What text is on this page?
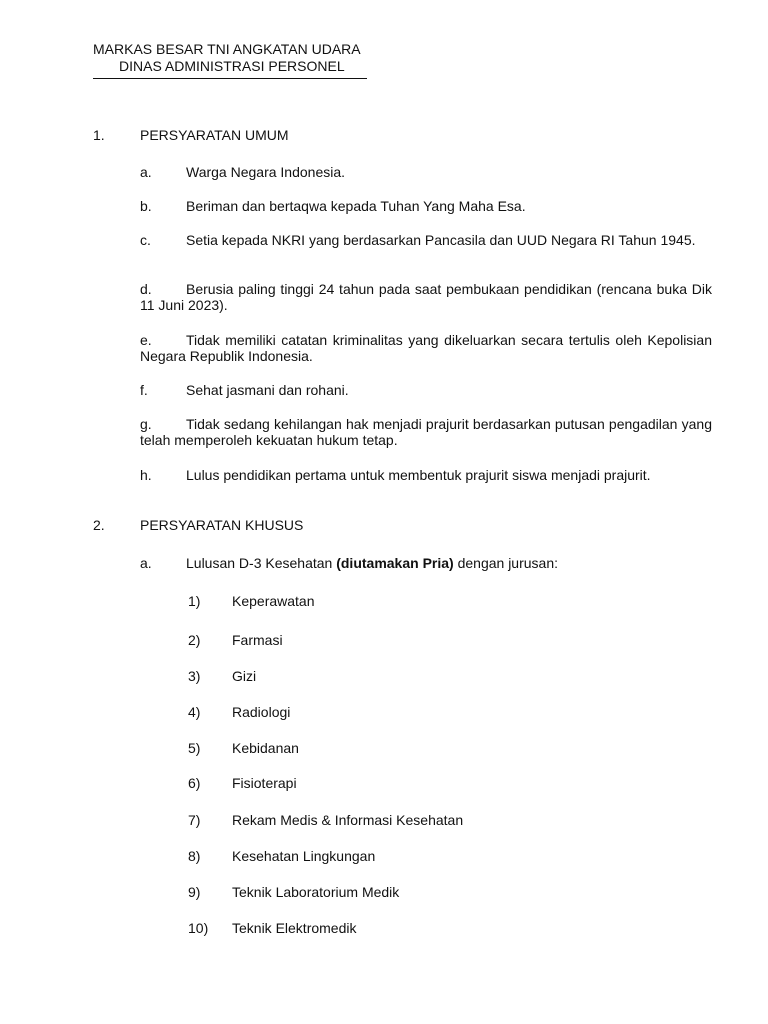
MARKAS BESAR TNI ANGKATAN UDARA
DINAS ADMINISTRASI PERSONEL
1.	PERSYARATAN UMUM
a. Warga Negara Indonesia.
b. Beriman dan bertaqwa kepada Tuhan Yang Maha Esa.
c.	Setia kepada NKRI yang berdasarkan Pancasila dan UUD Negara RI Tahun 1945.
d. Berusia paling tinggi 24 tahun pada saat pembukaan pendidikan (rencana buka Dik 11 Juni 2023).
e. Tidak memiliki catatan kriminalitas yang dikeluarkan secara tertulis oleh Kepolisian Negara Republik Indonesia.
f.	Sehat jasmani dan rohani.
g. Tidak sedang kehilangan hak menjadi prajurit berdasarkan putusan pengadilan yang telah memperoleh kekuatan hukum tetap.
h. Lulus pendidikan pertama untuk membentuk prajurit siswa menjadi prajurit.
2.	PERSYARATAN KHUSUS
a. Lulusan D-3 Kesehatan (diutamakan Pria) dengan jurusan:
1) Keperawatan
2) Farmasi
3) Gizi
4) Radiologi
5) Kebidanan
6) Fisioterapi
7) Rekam Medis & Informasi Kesehatan
8) Kesehatan Lingkungan
9) Teknik Laboratorium Medik
10) Teknik Elektromedik
